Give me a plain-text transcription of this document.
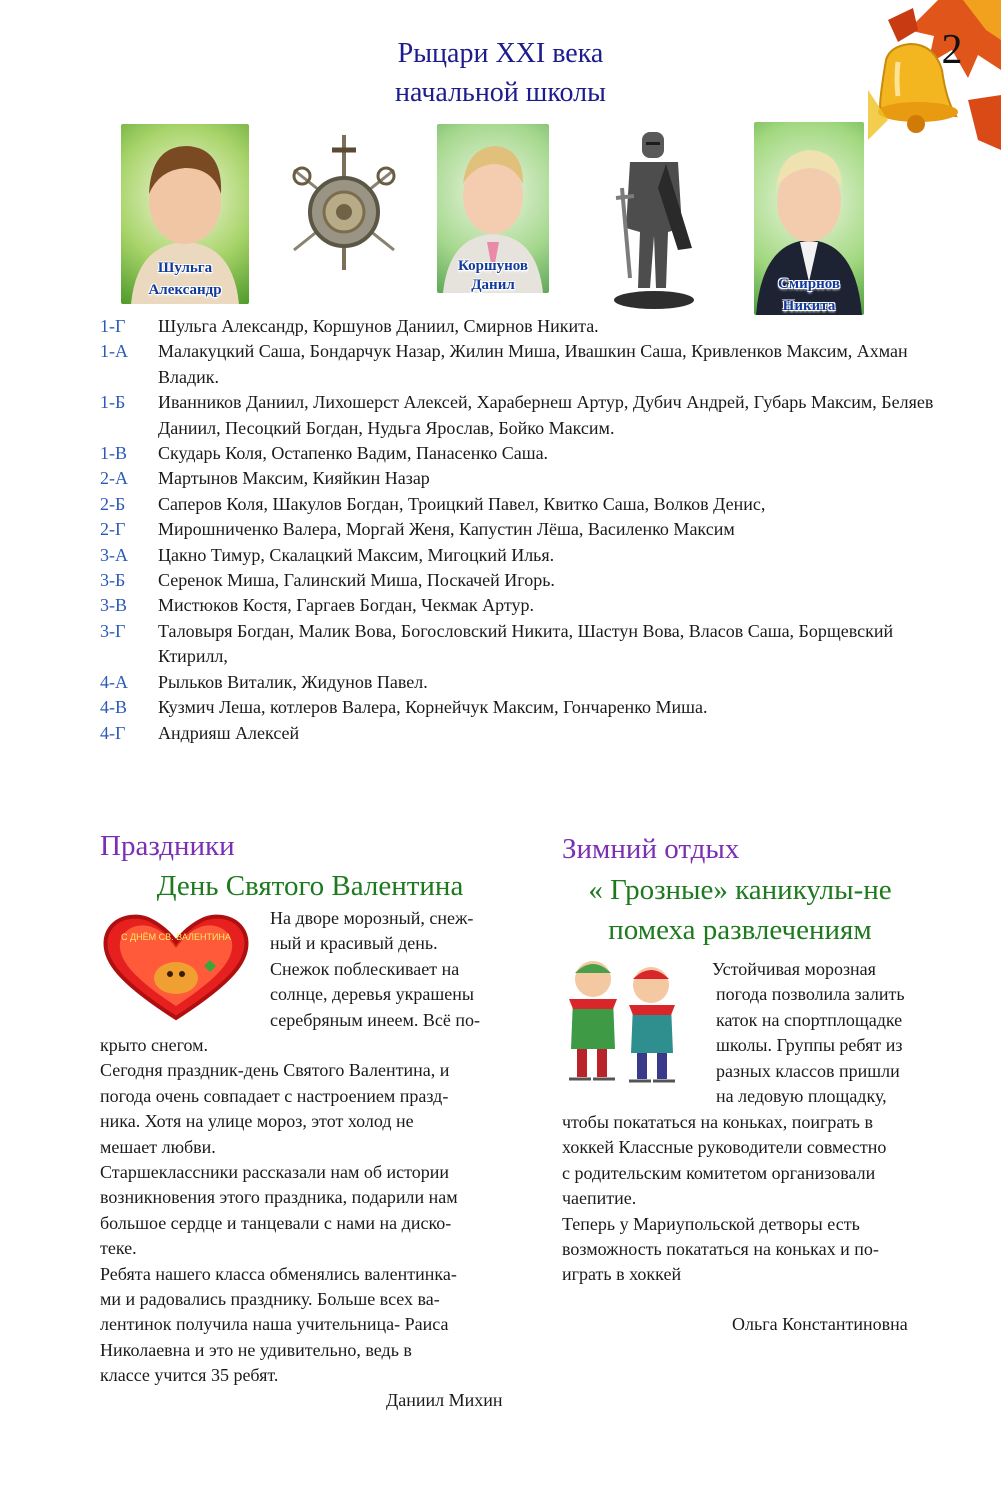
2
Рыцари XXI века
начальной школы
Шульга
Александр
Коршунов
Данил	Смирнов
Никита
1-Г	Шульга Александр, Коршунов Даниил, Смирнов Никита.
1-А	Малакуцкий Саша, Бондарчук Назар, Жилин Миша, Ивашкин Саша, Кривленков Максим, Ахман Владик.
1-Б	Иванников Даниил, Лихошерст Алексей, Харабернеш Артур, Дубич Андрей, Губарь Максим, Беляев Даниил, Песоцкий Богдан, Нудьга Ярослав, Бойко Максим.
1-В	Скударь Коля, Остапенко Вадим, Панасенко Саша.
2-А	Мартынов Максим, Кияйкин Назар
2-Б	Саперов Коля, Шакулов Богдан, Троицкий Павел, Квитко Саша, Волков Денис,
2-Г	Мирошниченко Валера, Моргай Женя, Капустин Лёша, Василенко Максим
3-А	Цакно Тимур, Скалацкий Максим, Мигоцкий Илья.
3-Б	Серенок Миша, Галинский Миша, Поскачей Игорь.
3-В	Мистюков Костя, Гаргаев Богдан, Чекмак Артур.
3-Г	Таловыря Богдан, Малик Вова, Богословский Никита, Шастун Вова, Власов Саша, Борщевский Ктирилл,
4-А	Рыльков Виталик, Жидунов Павел.
4-В	Кузмич Леша, котлеров Валера, Корнейчук Максим, Гончаренко Миша.
4-Г	Андрияш Алексей
Праздники
День Святого Валентина
С ДНЁМ СВ. ВАЛЕНТИНА

На дворе морозный, снеж-

ный и красивый день.

Снежок поблескивает на

солнце, деревья украшены

серебряным инеем. Всё по-

крыто снегом.

Сегодня праздник-день Святого Валентина, и

погода очень совпадает с настроением празд-

ника. Хотя на улице мороз, этот холод не

мешает любви.

Старшеклассники рассказали нам об истории

возникновения этого праздника, подарили нам

большое сердце и танцевали с нами на диско-

теке.

Ребята нашего класса обменялись валентинка-

ми и радовались празднику. Больше всех ва-

лентинок получила наша учительница- Раиса

Николаевна и это не удивительно, ведь в

классе учится 35 ребят.

Даниил Михин
Зимний отдых
« Грозные» каникулы-не
помеха развлечениям

Устойчивая морозная

погода позволила залить

каток на спортплощадке

школы. Группы ребят из

разных классов пришли

на ледовую площадку,

чтобы покататься на коньках, поиграть в

хоккей Классные руководители совместно

с родительским комитетом организовали

чаепитие.

Теперь у Мариупольской детворы есть

возможность покататься на коньках и по-

играть в хоккей

Ольга Константиновна
